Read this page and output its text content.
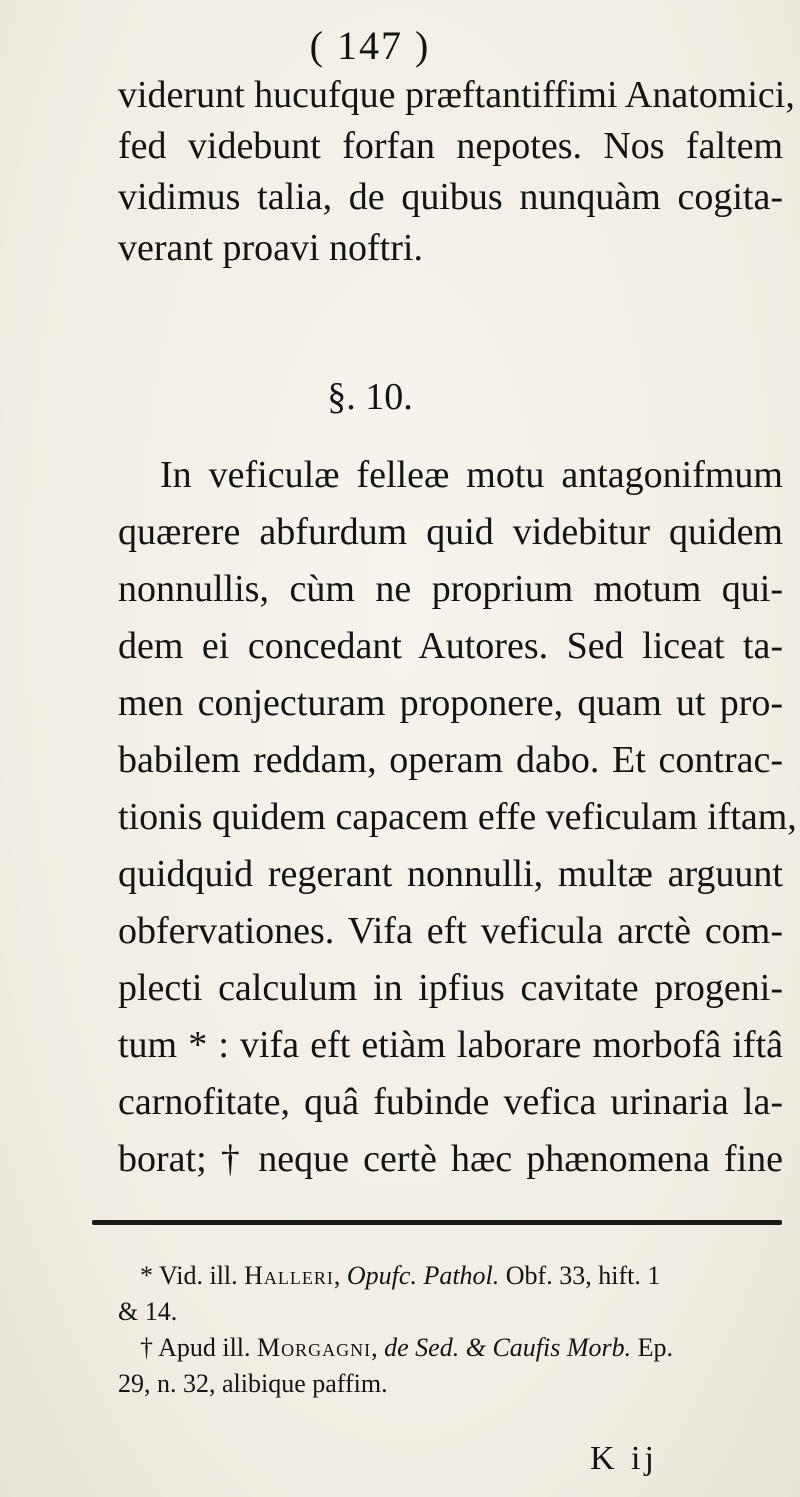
( 147 )
viderunt hucufque præftantiffimi Anatomici,
fed videbunt forfan nepotes. Nos faltem
vidimus talia, de quibus nunquàm cogita-
verant proavi noftri.
§. 10.
In veficulæ felleæ motu antagonifmum
quærere abfurdum quid videbitur quidem
nonnullis, cùm ne proprium motum qui-
dem ei concedant Autores. Sed liceat ta-
men conjecturam proponere, quam ut pro-
babilem reddam, operam dabo. Et contrac-
tionis quidem capacem effe veficulam iftam,
quidquid regerant nonnulli, multæ arguunt
obfervationes. Vifa eft veficula arctè com-
plecti calculum in ipfius cavitate progeni-
tum * : vifa eft etiàm laborare morbofâ iftâ
carnofitate, quâ fubinde vefica urinaria la-
borat; † neque certè hæc phænomena fine
* Vid. ill. Halleri, Opufc. Pathol. Obf. 33, hift. 1
& 14.
† Apud ill. Morgagni, de Sed. & Caufis Morb. Ep.
29, n. 32, alibique paffim.
K ij
